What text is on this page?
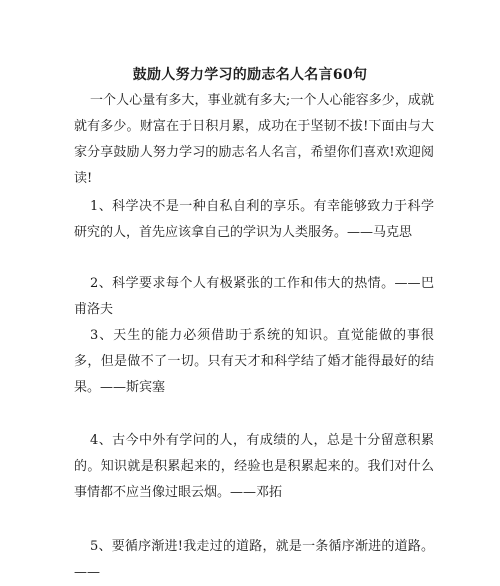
鼓励人努力学习的励志名人名言60句

一个人心量有多大，事业就有多大;一个人心能容多少，成就就有多少。财富在于日积月累，成功在于坚韧不拔!下面由与大家分享鼓励人努力学习的励志名人名言，希望你们喜欢!欢迎阅读!

1、科学决不是一种自私自利的享乐。有幸能够致力于科学研究的人，首先应该拿自己的学识为人类服务。——马克思

2、科学要求每个人有极紧张的工作和伟大的热情。——巴甫洛夫

3、天生的能力必须借助于系统的知识。直觉能做的事很多，但是做不了一切。只有天才和科学结了婚才能得最好的结果。——斯宾塞

4、古今中外有学问的人，有成绩的人，总是十分留意积累的。知识就是积累起来的，经验也是积累起来的。我们对什么事情都不应当像过眼云烟。——邓拓

5、要循序渐进!我走过的道路，就是一条循序渐进的道路。——
